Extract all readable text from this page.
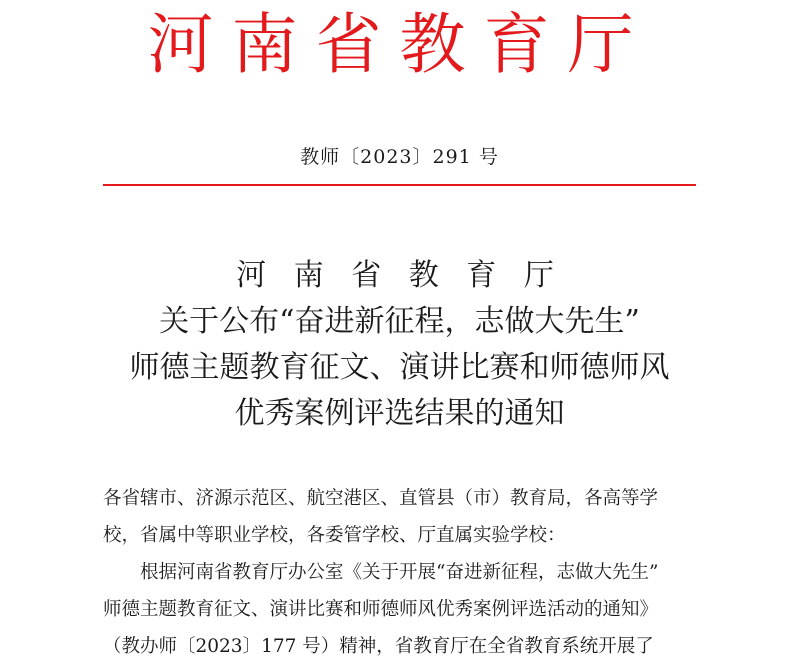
河南省教育厅
教师〔2023〕291 号
河 南 省 教 育 厅
关于公布“奋进新征程，志做大先生”
师德主题教育征文、演讲比赛和师德师风
优秀案例评选结果的通知

各省辖市、济源示范区、航空港区、直管县（市）教育局，各高等学

校，省属中等职业学校，各委管学校、厅直属实验学校：

根据河南省教育厅办公室《关于开展“奋进新征程，志做大先生”

师德主题教育征文、演讲比赛和师德师风优秀案例评选活动的通知》

（教办师〔2023〕177 号）精神，省教育厅在全省教育系统开展了
